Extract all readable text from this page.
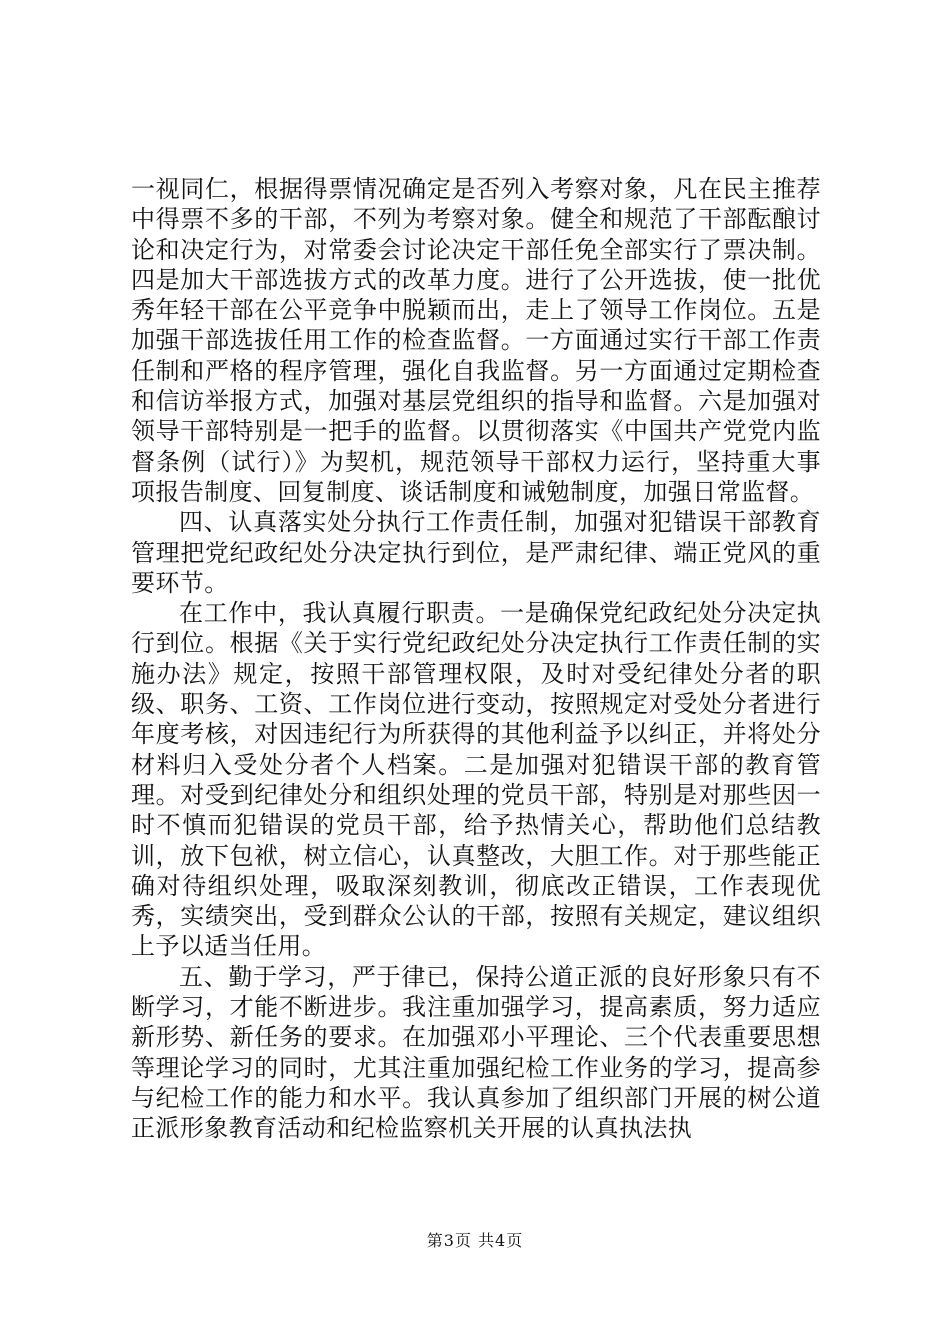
一视同仁，根据得票情况确定是否列入考察对象，凡在民主推荐中得票不多的干部，不列为考察对象。健全和规范了干部酝酿讨论和决定行为，对常委会讨论决定干部任免全部实行了票决制。四是加大干部选拔方式的改革力度。进行了公开选拔，使一批优秀年轻干部在公平竞争中脱颖而出，走上了领导工作岗位。五是加强干部选拔任用工作的检查监督。一方面通过实行干部工作责任制和严格的程序管理，强化自我监督。另一方面通过定期检查和信访举报方式，加强对基层党组织的指导和监督。六是加强对领导干部特别是一把手的监督。以贯彻落实《中国共产党党内监督条例（试行）》为契机，规范领导干部权力运行，坚持重大事项报告制度、回复制度、谈话制度和诫勉制度，加强日常监督。

四、认真落实处分执行工作责任制，加强对犯错误干部教育管理把党纪政纪处分决定执行到位，是严肃纪律、端正党风的重要环节。

在工作中，我认真履行职责。一是确保党纪政纪处分决定执行到位。根据《关于实行党纪政纪处分决定执行工作责任制的实施办法》规定，按照干部管理权限，及时对受纪律处分者的职级、职务、工资、工作岗位进行变动，按照规定对受处分者进行年度考核，对因违纪行为所获得的其他利益予以纠正，并将处分材料归入受处分者个人档案。二是加强对犯错误干部的教育管理。对受到纪律处分和组织处理的党员干部，特别是对那些因一时不慎而犯错误的党员干部，给予热情关心，帮助他们总结教训，放下包袱，树立信心，认真整改，大胆工作。对于那些能正确对待组织处理，吸取深刻教训，彻底改正错误，工作表现优秀，实绩突出，受到群众公认的干部，按照有关规定，建议组织上予以适当任用。

五、勤于学习，严于律已，保持公道正派的良好形象只有不断学习，才能不断进步。我注重加强学习，提高素质，努力适应新形势、新任务的要求。在加强邓小平理论、三个代表重要思想等理论学习的同时，尤其注重加强纪检工作业务的学习，提高参与纪检工作的能力和水平。我认真参加了组织部门开展的树公道正派形象教育活动和纪检监察机关开展的认真执法执

第3页 共4页
